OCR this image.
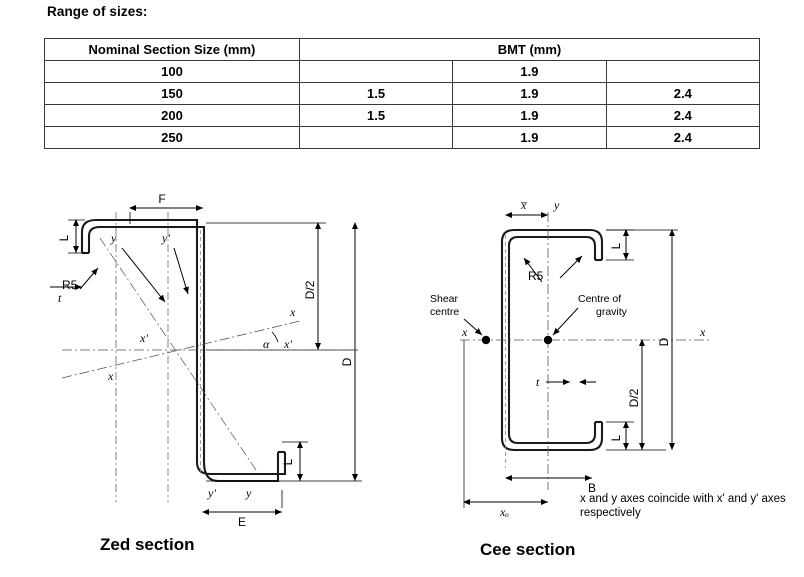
Range of sizes:
Nominal Section Size (mm)	BMT (mm)		
100		1.9	
150	1.5	1.9	2.4
200	1.5	1.9	2.4
250		1.9	2.4
F
E
D/2
D
L
L
t
R5
y	y'
y'	y
x'	x'
x
x
α
Zed section
x̅ y
x	x
Shear
centre
Centre of
gravity
R5
L
L
D/2
D
t
B
xₒ
x and y axes coincide with x' and y' axes respectively
Cee section
